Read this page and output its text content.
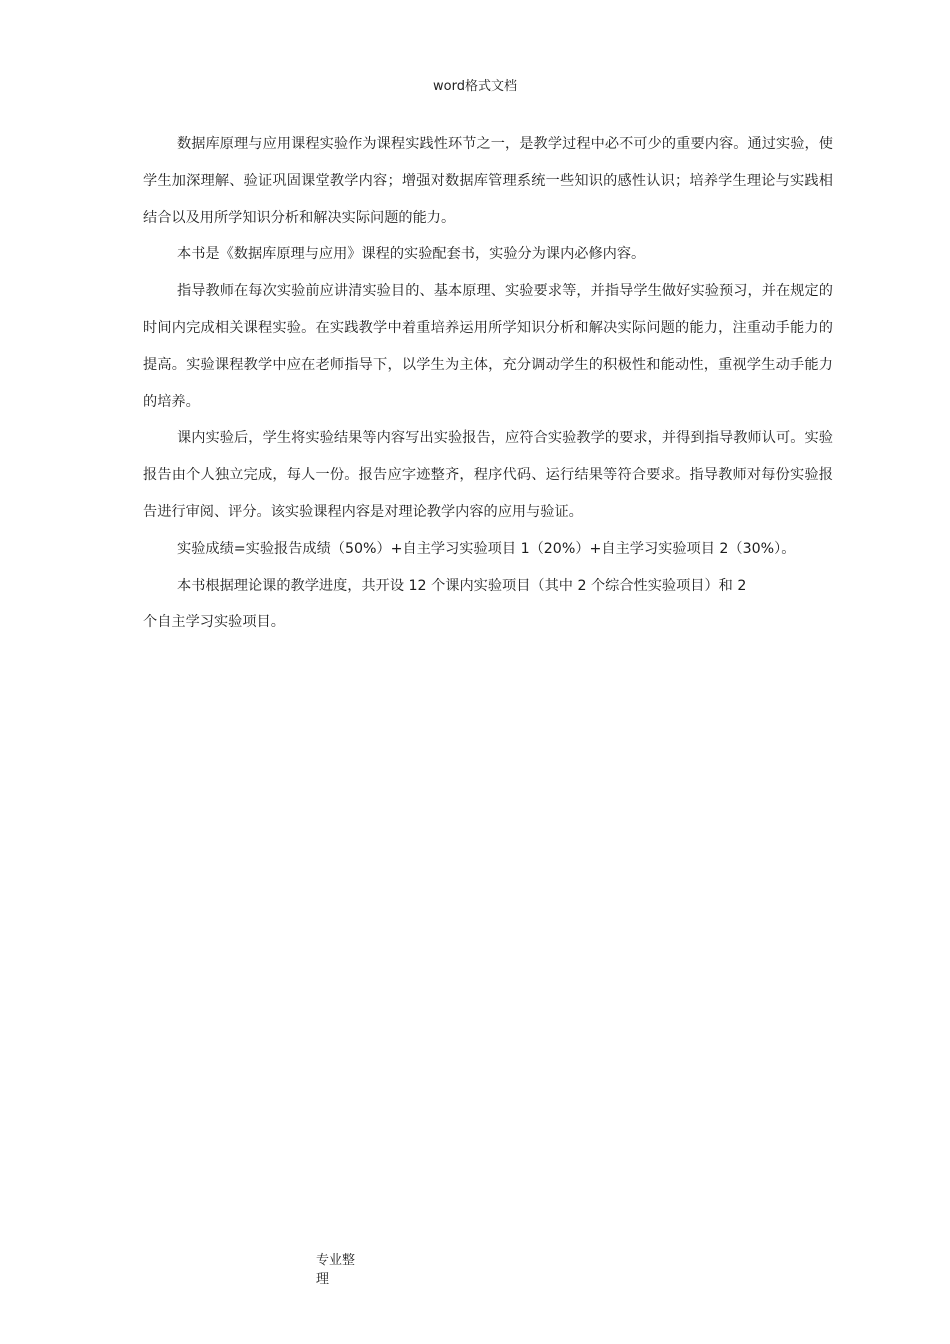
word格式文档

数据库原理与应用课程实验作为课程实践性环节之一，是教学过程中必不可少的重要内容。通过实验，使学生加深理解、验证巩固课堂教学内容；增强对数据库管理系统一些知识的感性认识；培养学生理论与实践相结合以及用所学知识分析和解决实际问题的能力。

本书是《数据库原理与应用》课程的实验配套书，实验分为课内必修内容。

指导教师在每次实验前应讲清实验目的、基本原理、实验要求等，并指导学生做好实验预习，并在规定的时间内完成相关课程实验。在实践教学中着重培养运用所学知识分析和解决实际问题的能力，注重动手能力的提高。实验课程教学中应在老师指导下，以学生为主体，充分调动学生的积极性和能动性，重视学生动手能力的培养。

课内实验后，学生将实验结果等内容写出实验报告，应符合实验教学的要求，并得到指导教师认可。实验报告由个人独立完成，每人一份。报告应字迹整齐，程序代码、运行结果等符合要求。指导教师对每份实验报告进行审阅、评分。该实验课程内容是对理论教学内容的应用与验证。

实验成绩=实验报告成绩（50%）+自主学习实验项目 1（20%）+自主学习实验项目 2（30%）。

本书根据理论课的教学进度，共开设 12 个课内实验项目（其中 2 个综合性实验项目）和 2

个自主学习实验项目。

专业整
理
